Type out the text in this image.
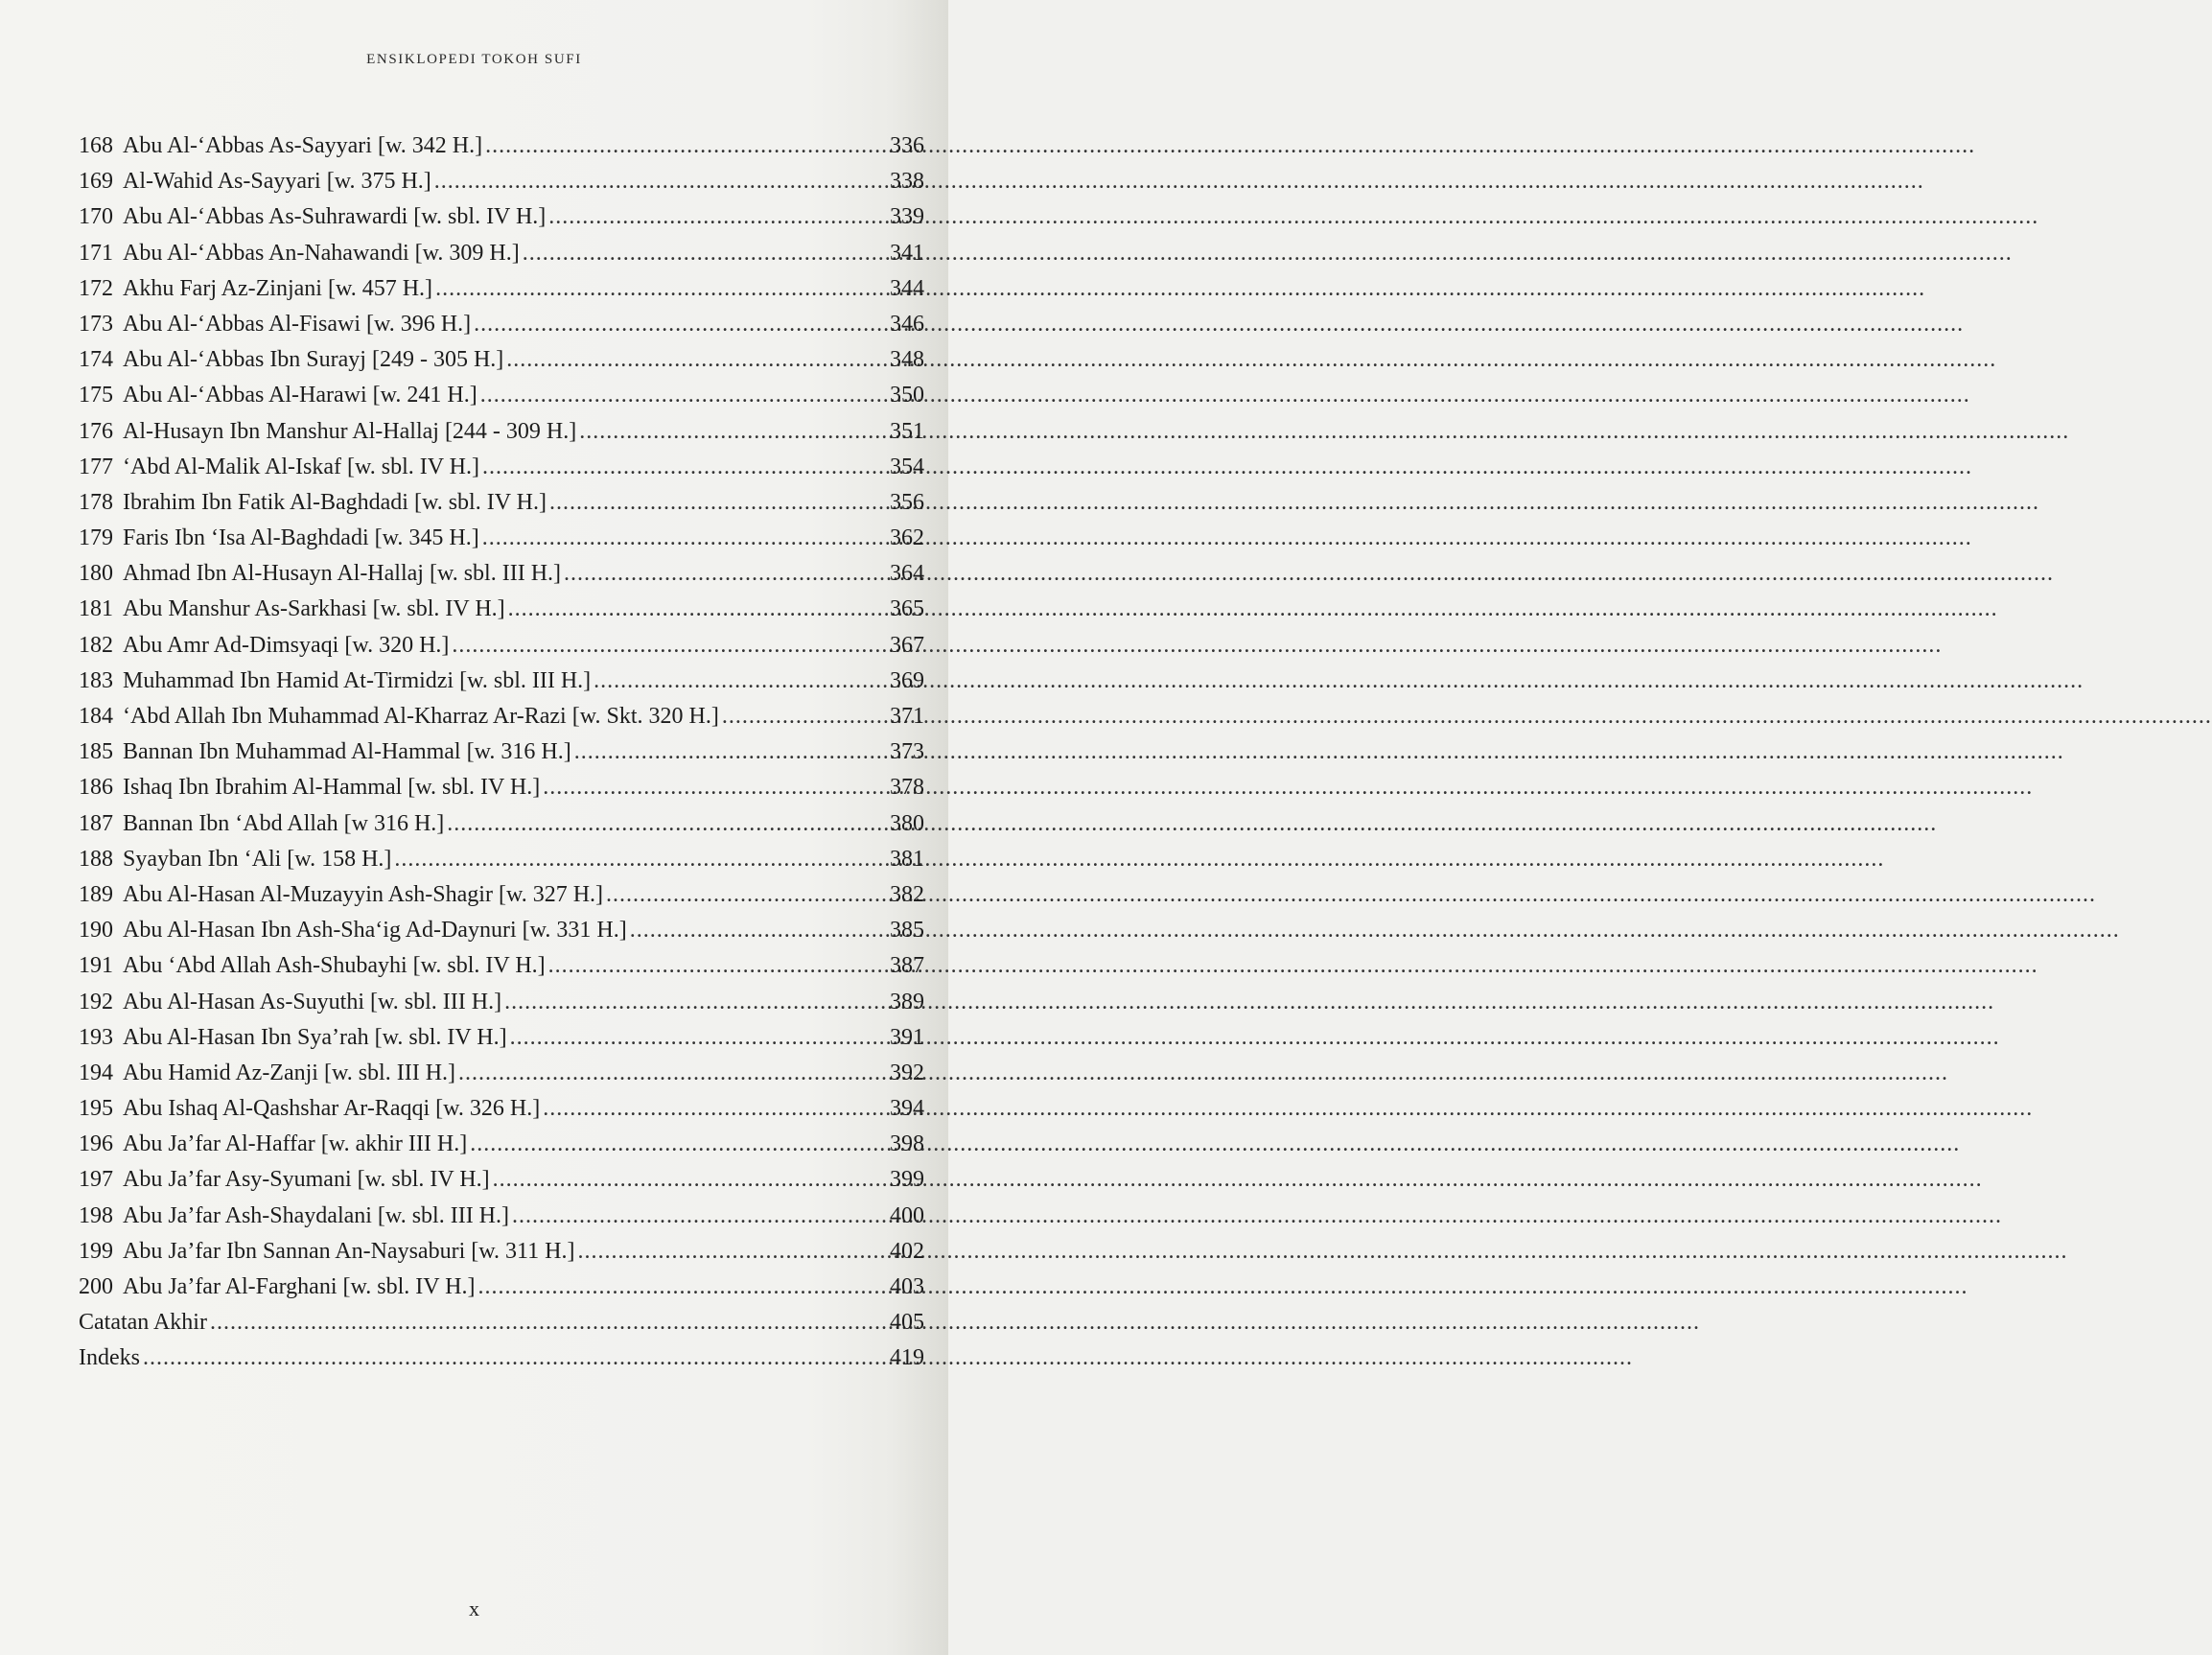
ENSIKLOPEDI TOKOH SUFI
168 Abu Al-‘Abbas As-Sayyari [w. 342 H.] .....	336
169 Al-Wahid As-Sayyari [w. 375 H.] .....	338
170 Abu Al-‘Abbas As-Suhrawardi [w. sbl. IV H.] .....	339
171 Abu Al-‘Abbas An-Nahawandi [w. 309 H.] .....	341
172 Akhu Farj Az-Zinjani [w. 457 H.] .....	344
173 Abu Al-‘Abbas Al-Fisawi [w. 396 H.] .....	346
174 Abu Al-‘Abbas Ibn Surayj [249 - 305 H.] .....	348
175 Abu Al-‘Abbas Al-Harawi [w. 241 H.] .....	350
176 Al-Husayn Ibn Manshur Al-Hallaj [244 - 309 H.] .....	351
177 ‘Abd Al-Malik Al-Iskaf [w. sbl. IV H.] .....	354
178 Ibrahim Ibn Fatik Al-Baghdadi [w. sbl. IV H.] .....	356
179 Faris Ibn ‘Isa Al-Baghdadi [w. 345 H.] .....	362
180 Ahmad Ibn Al-Husayn Al-Hallaj [w. sbl. III H.] .....	364
181 Abu Manshur As-Sarkhasi [w. sbl. IV H.] .....	365
182 Abu Amr Ad-Dimsyaqi [w. 320 H.] .....	367
183 Muhammad Ibn Hamid At-Tirmidzi [w. sbl. III H.] .....	369
184 ‘Abd Allah Ibn Muhammad Al-Kharraz Ar-Razi [w. Skt. 320 H.] .....	371
185 Bannan Ibn Muhammad Al-Hammal [w. 316 H.] .....	373
186 Ishaq Ibn Ibrahim Al-Hammal [w. sbl. IV H.] .....	378
187 Bannan Ibn ‘Abd Allah [w 316 H.] .....	380
188 Syayban Ibn ‘Ali [w. 158 H.] .....	381
189 Abu Al-Hasan Al-Muzayyin Ash-Shagir [w. 327 H.] .....	382
190 Abu Al-Hasan Ibn Ash-Sha‘ig Ad-Daynuri [w. 331 H.] .....	385
191 Abu ‘Abd Allah Ash-Shubayhi [w. sbl. IV H.] .....	387
192 Abu Al-Hasan As-Suyuthi [w. sbl. III H.] .....	389
193 Abu Al-Hasan Ibn Sya’rah [w. sbl. IV H.] .....	391
194 Abu Hamid Az-Zanji [w. sbl. III H.] .....	392
195 Abu Ishaq Al-Qashshar Ar-Raqqi [w. 326 H.] .....	394
196 Abu Ja’far Al-Haffar [w. akhir III H.] .....	398
197 Abu Ja’far Asy-Syumani [w. sbl. IV H.] .....	399
198 Abu Ja’far Ash-Shaydalani [w. sbl. III H.] .....	400
199 Abu Ja’far Ibn Sannan An-Naysaburi [w. 311 H.] .....	402
200 Abu Ja’far Al-Farghani [w. sbl. IV H.] .....	403
Catatan Akhir .....	405
Indeks .....	419
x
